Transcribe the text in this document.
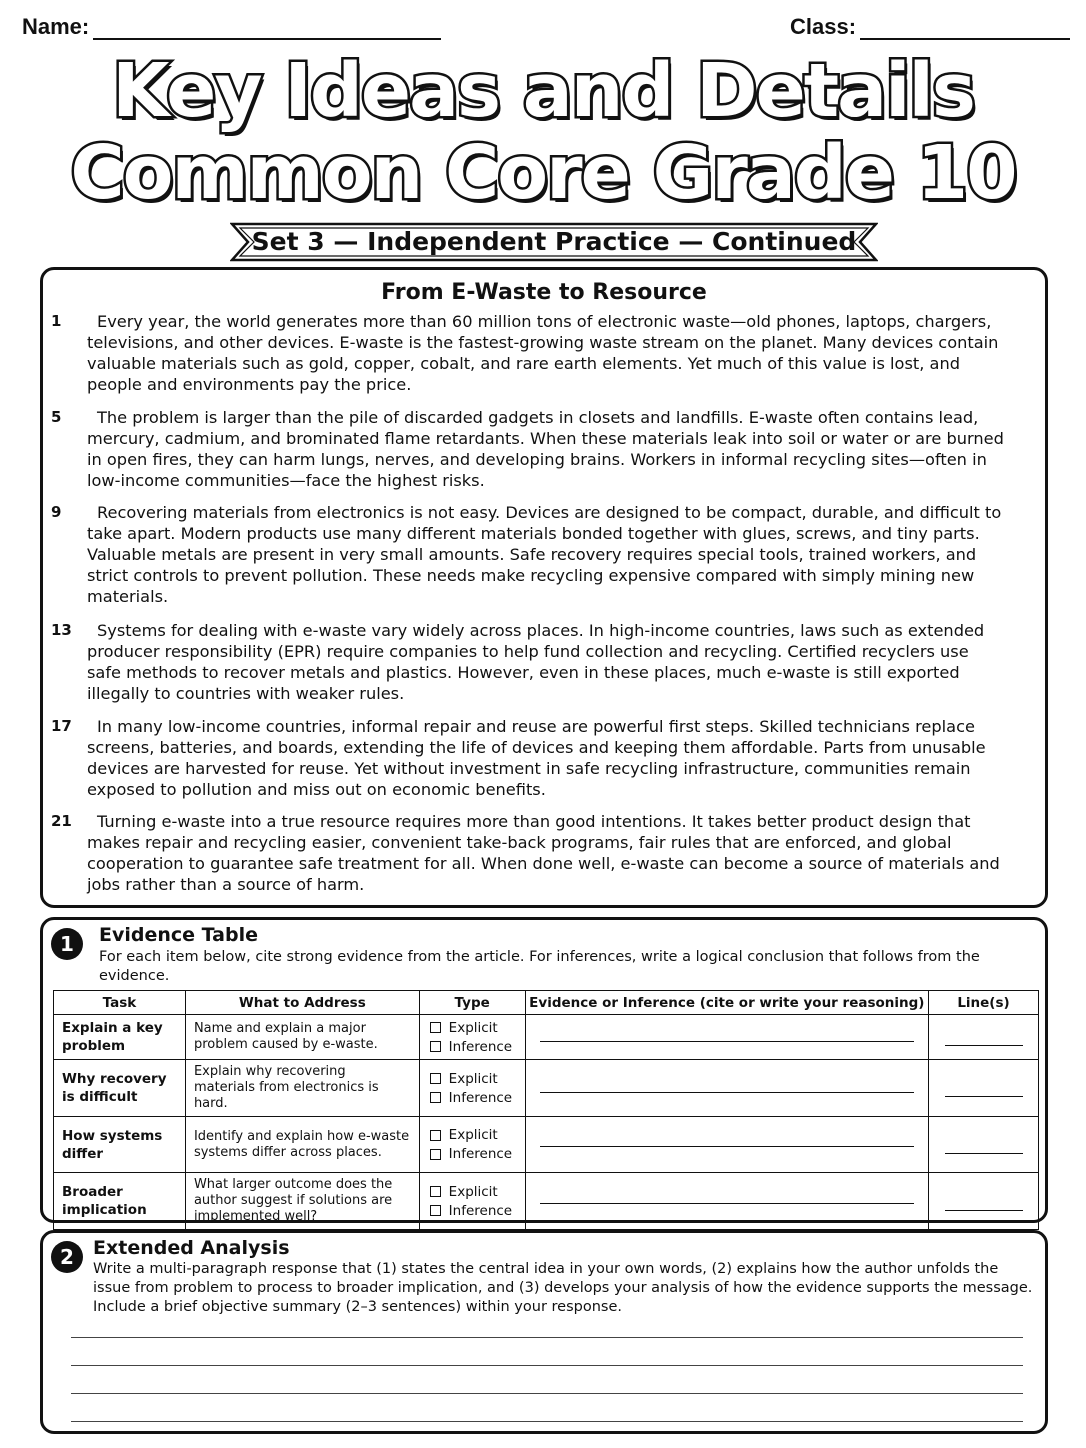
Name:	Class:
Key Ideas and Details
Common Core Grade 10
Set 3 — Independent Practice — Continued
From E-Waste to Resource
1 Every year, the world generates more than 60 million tons of electronic waste—old phones, laptops, chargers, televisions, and other devices. E-waste is the fastest-growing waste stream on the planet. Many devices contain valuable materials such as gold, copper, cobalt, and rare earth elements. Yet much of this value is lost, and people and environments pay the price.
5 The problem is larger than the pile of discarded gadgets in closets and landfills. E-waste often contains lead, mercury, cadmium, and brominated flame retardants. When these materials leak into soil or water or are burned in open fires, they can harm lungs, nerves, and developing brains. Workers in informal recycling sites—often in low-income communities—face the highest risks.
9 Recovering materials from electronics is not easy. Devices are designed to be compact, durable, and difficult to take apart. Modern products use many different materials bonded together with glues, screws, and tiny parts. Valuable metals are present in very small amounts. Safe recovery requires special tools, trained workers, and strict controls to prevent pollution. These needs make recycling expensive compared with simply mining new materials.
13 Systems for dealing with e-waste vary widely across places. In high-income countries, laws such as extended producer responsibility (EPR) require companies to help fund collection and recycling. Certified recyclers use safe methods to recover metals and plastics. However, even in these places, much e-waste is still exported illegally to countries with weaker rules.
17 In many low-income countries, informal repair and reuse are powerful first steps. Skilled technicians replace screens, batteries, and boards, extending the life of devices and keeping them affordable. Parts from unusable devices are harvested for reuse. Yet without investment in safe recycling infrastructure, communities remain exposed to pollution and miss out on economic benefits.
21 Turning e-waste into a true resource requires more than good intentions. It takes better product design that makes repair and recycling easier, convenient take-back programs, fair rules that are enforced, and global cooperation to guarantee safe treatment for all. When done well, e-waste can become a source of materials and jobs rather than a source of harm.
1	Evidence Table
For each item below, cite strong evidence from the article. For inferences, write a logical conclusion that follows from the evidence.
Task	What to Address	Type	Evidence or Inference (cite or write your reasoning)	Line(s)
Explain a key problem	Name and explain a major problem caused by e-waste.	Explicit
Inference		

Why recovery is difficult	Explain why recovering materials from electronics is hard.	Explicit
Inference		

How systems differ	Identify and explain how e-waste systems differ across places.	Explicit
Inference		

Broader implication	What larger outcome does the author suggest if solutions are implemented well?	Explicit
Inference		

2	Extended Analysis
Write a multi-paragraph response that (1) states the central idea in your own words, (2) explains how the author unfolds the issue from problem to process to broader implication, and (3) develops your analysis of how the evidence supports the message. Include a brief objective summary (2–3 sentences) within your response.
